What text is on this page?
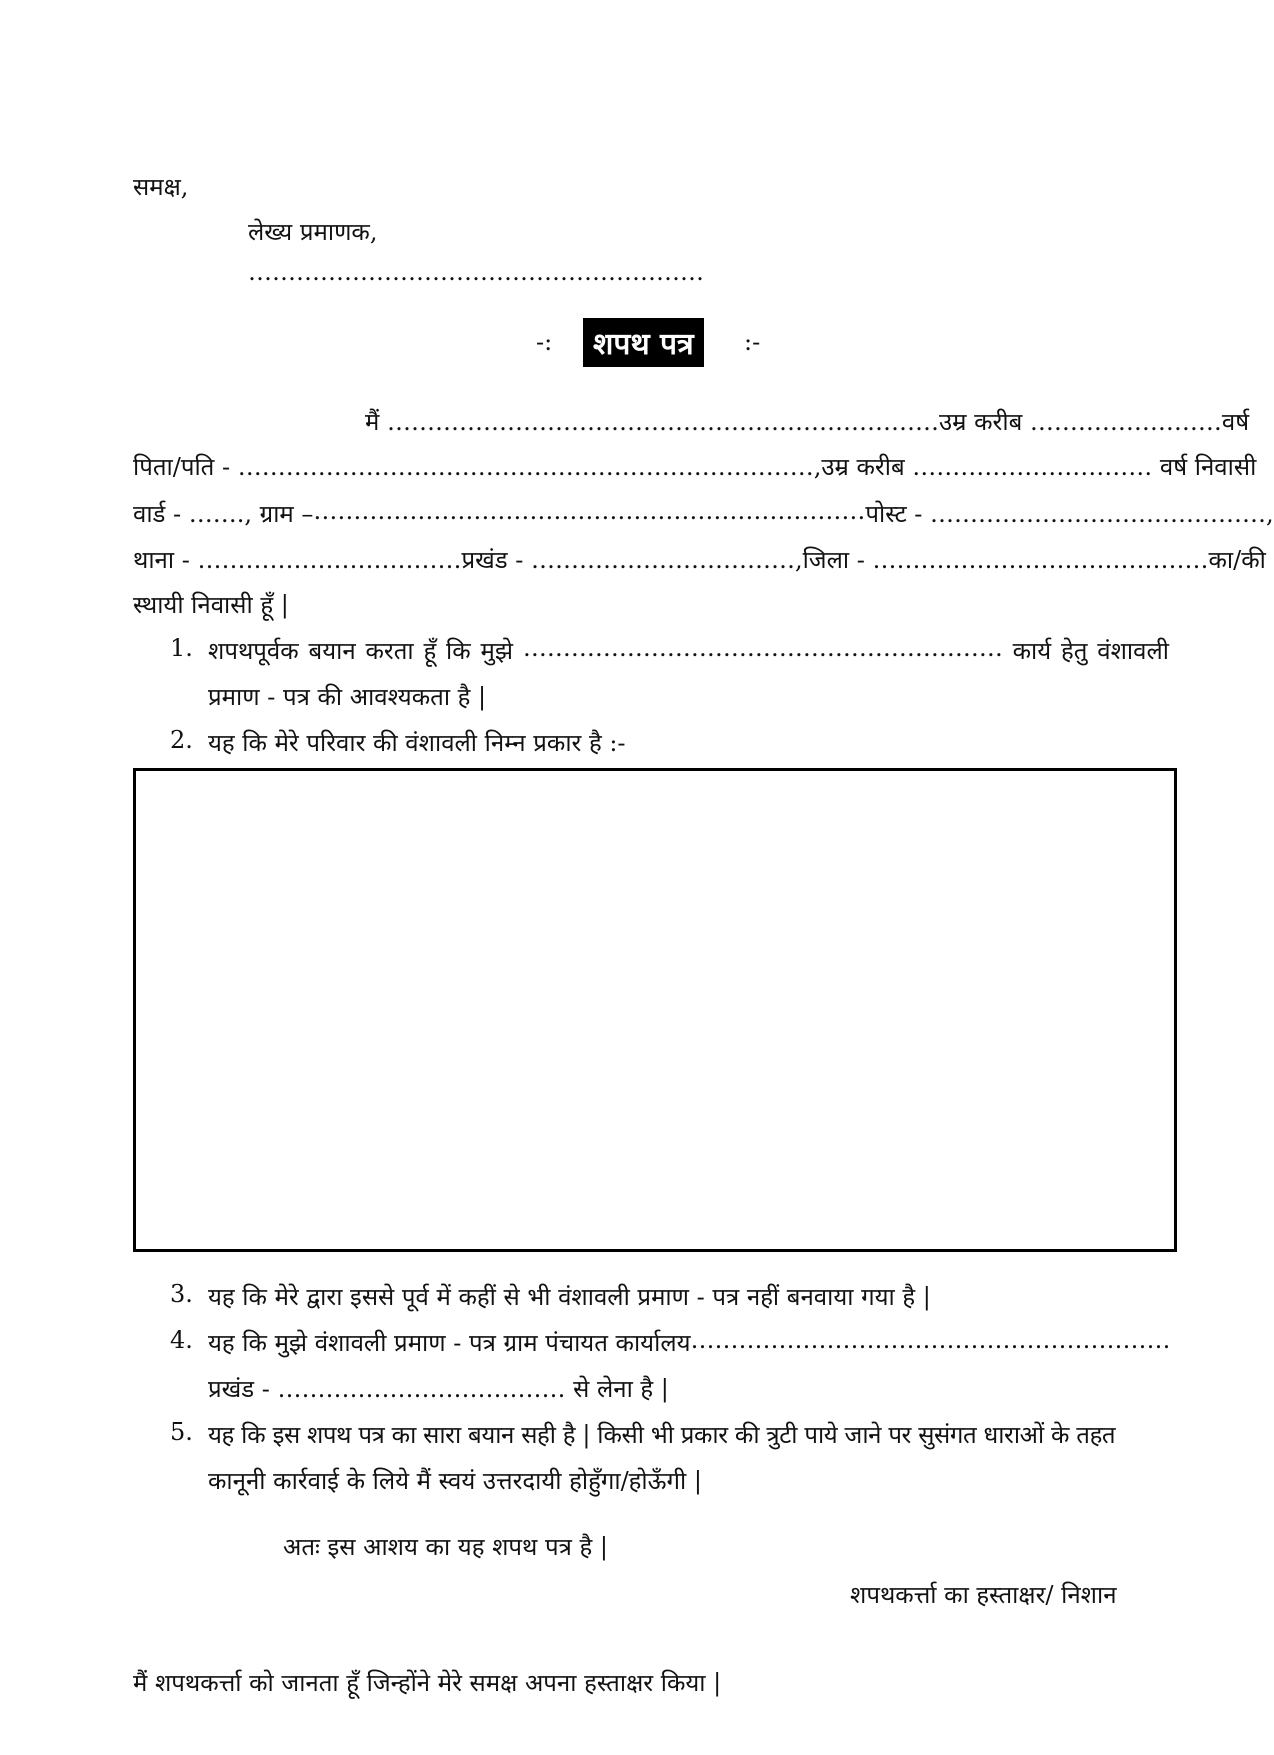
समक्ष,
लेख्य प्रमाणक,
…………………………………………………
-:	शपथ पत्र	:-
मैं …………………………………………………………… उम्र करीब …………………… वर्ष
पिता/पति - ………………………………………………………………, उम्र करीब ………………………… वर्ष निवासी
वार्ड - ……., ग्राम – …………………………………………………………… पोस्ट - ……………………………………,
थाना - …………………………… प्रखंड - ……………………………, जिला - …………………………………… का/की
स्थायी निवासी हूँ |
1. शपथपूर्वक बयान करता हूँ कि मुझे …………………………………………………… कार्य हेतु वंशावली
प्रमाण - पत्र की आवश्यकता है |
2. यह कि मेरे परिवार की वंशावली निम्न प्रकार है :-
3. यह कि मेरे द्वारा इससे पूर्व में कहीं से भी वंशावली प्रमाण - पत्र नहीं बनवाया गया है |
4. यह कि मुझे वंशावली प्रमाण - पत्र ग्राम पंचायत कार्यालय ……………………………………………………
प्रखंड - ……………………………… से लेना है |
5. यह कि इस शपथ पत्र का सारा बयान सही है | किसी भी प्रकार की त्रुटी पाये जाने पर सुसंगत धाराओं के तहत
कानूनी कार्रवाई के लिये मैं स्वयं उत्तरदायी होहुँगा/होऊँगी |
अतः इस आशय का यह शपथ पत्र है |
शपथकर्त्ता का हस्ताक्षर/ निशान
मैं शपथकर्त्ता को जानता हूँ जिन्होंने मेरे समक्ष अपना हस्ताक्षर किया |
